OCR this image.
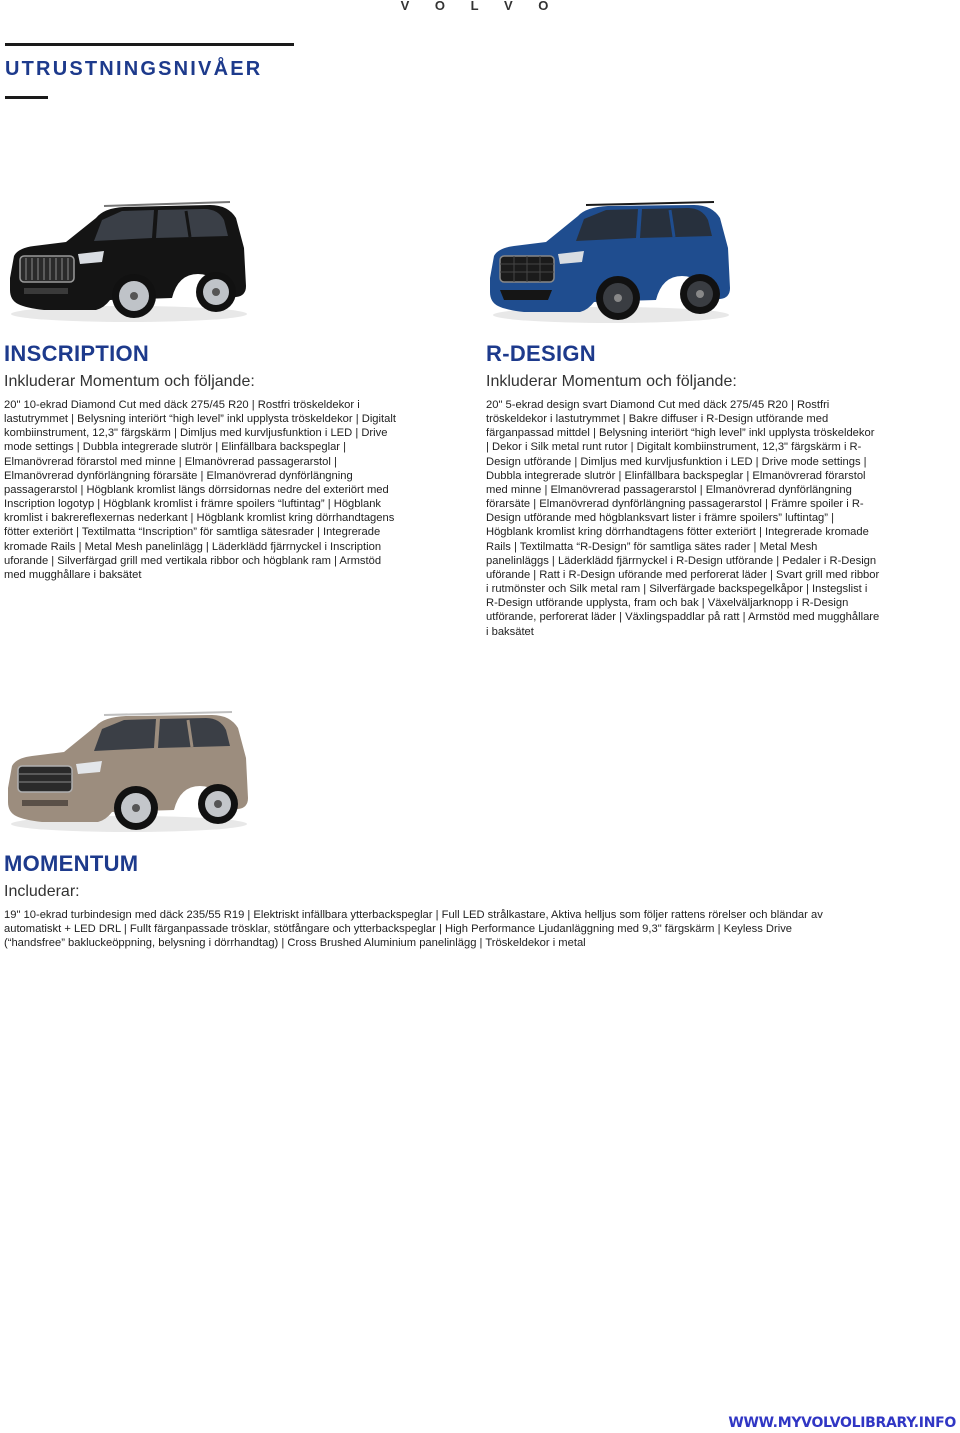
V O L V O
UTRUSTNINGSNIVÅER
INSCRIPTION

Inkluderar Momentum och följande:

20" 10-ekrad Diamond Cut med däck 275/45 R20 | Rostfri tröskeldekor i lastutrymmet | Belysning interiört “high level” inkl upplysta tröskeldekor | Digitalt kombiinstrument, 12,3" färgskärm | Dimljus med kurvljusfunktion i LED | Drive mode settings | Dubbla integrerade slutrör | Elinfällbara backspeglar | Elmanövrerad förarstol med minne | Elmanövrerad passagerarstol | Elmanövrerad dynförlängning förarsäte | Elmanövrerad dynförlängning passagerarstol | Högblank kromlist längs dörrsidornas nedre del exteriört med Inscription logotyp | Högblank kromlist i främre spoilers “luftintag” | Högblank kromlist i bakrereflexernas nederkant | Högblank kromlist kring dörrhandtagens fötter exteriört | Textilmatta “Inscription” för samtliga sätesrader | Integrerade kromade Rails | Metal Mesh panelinlägg | Läderklädd fjärrnyckel i Inscription uforande | Silverfärgad grill med vertikala ribbor och högblank ram | Armstöd med mugghållare i baksätet

R-DESIGN

Inkluderar Momentum och följande:

20" 5-ekrad design svart Diamond Cut med däck 275/45 R20 | Rostfri tröskeldekor i lastutrymmet | Bakre diffuser i R-Design utförande med färganpassad mittdel | Belysning interiört “high level” inkl upplysta tröskeldekor | Dekor i Silk metal runt rutor | Digitalt kombiinstrument, 12,3" färgskärm i R-Design utförande | Dimljus med kurvljusfunktion i LED | Drive mode settings | Dubbla integrerade slutrör | Elinfällbara backspeglar | Elmanövrerad förarstol med minne | Elmanövrerad passagerarstol | Elmanövrerad dynförlängning förarsäte | Elmanövrerad dynförlängning passagerarstol | Främre spoiler i R-Design utförande med högblanksvart lister i främre spoilers” luftintag” | Högblank kromlist kring dörrhandtagens fötter exteriört | Integrerade kromade Rails | Textilmatta “R-Design” för samtliga sätes rader | Metal Mesh panelinläggs | Läderklädd fjärrnyckel i R-Design utförande | Pedaler i R-Design uförande | Ratt i R-Design uförande med perforerat läder | Svart grill med ribbor i rutmönster och Silk metal ram | Silverfärgade backspegelkåpor | Instegslist i R-Design utförande upplysta, fram och bak | Växelväljarknopp i R-Design utförande, perforerat läder | Växlingspaddlar på ratt | Armstöd med mugghållare i baksätet

MOMENTUM

Includerar:

19" 10-ekrad turbindesign med däck 235/55 R19 | Elektriskt infällbara ytterbackspeglar | Full LED strålkastare, Aktiva helljus som följer rattens rörelser och bländar av automatiskt + LED DRL | Fullt färganpassade trösklar, stötfångare och ytterbackspeglar | High Performance Ljudanläggning med 9,3" färgskärm | Keyless Drive (“handsfree” bakluckeöppning, belysning i dörrhandtag) | Cross Brushed Aluminium panelinlägg | Tröskeldekor i metal

WWW.MYVOLVOLIBRARY.INFO
